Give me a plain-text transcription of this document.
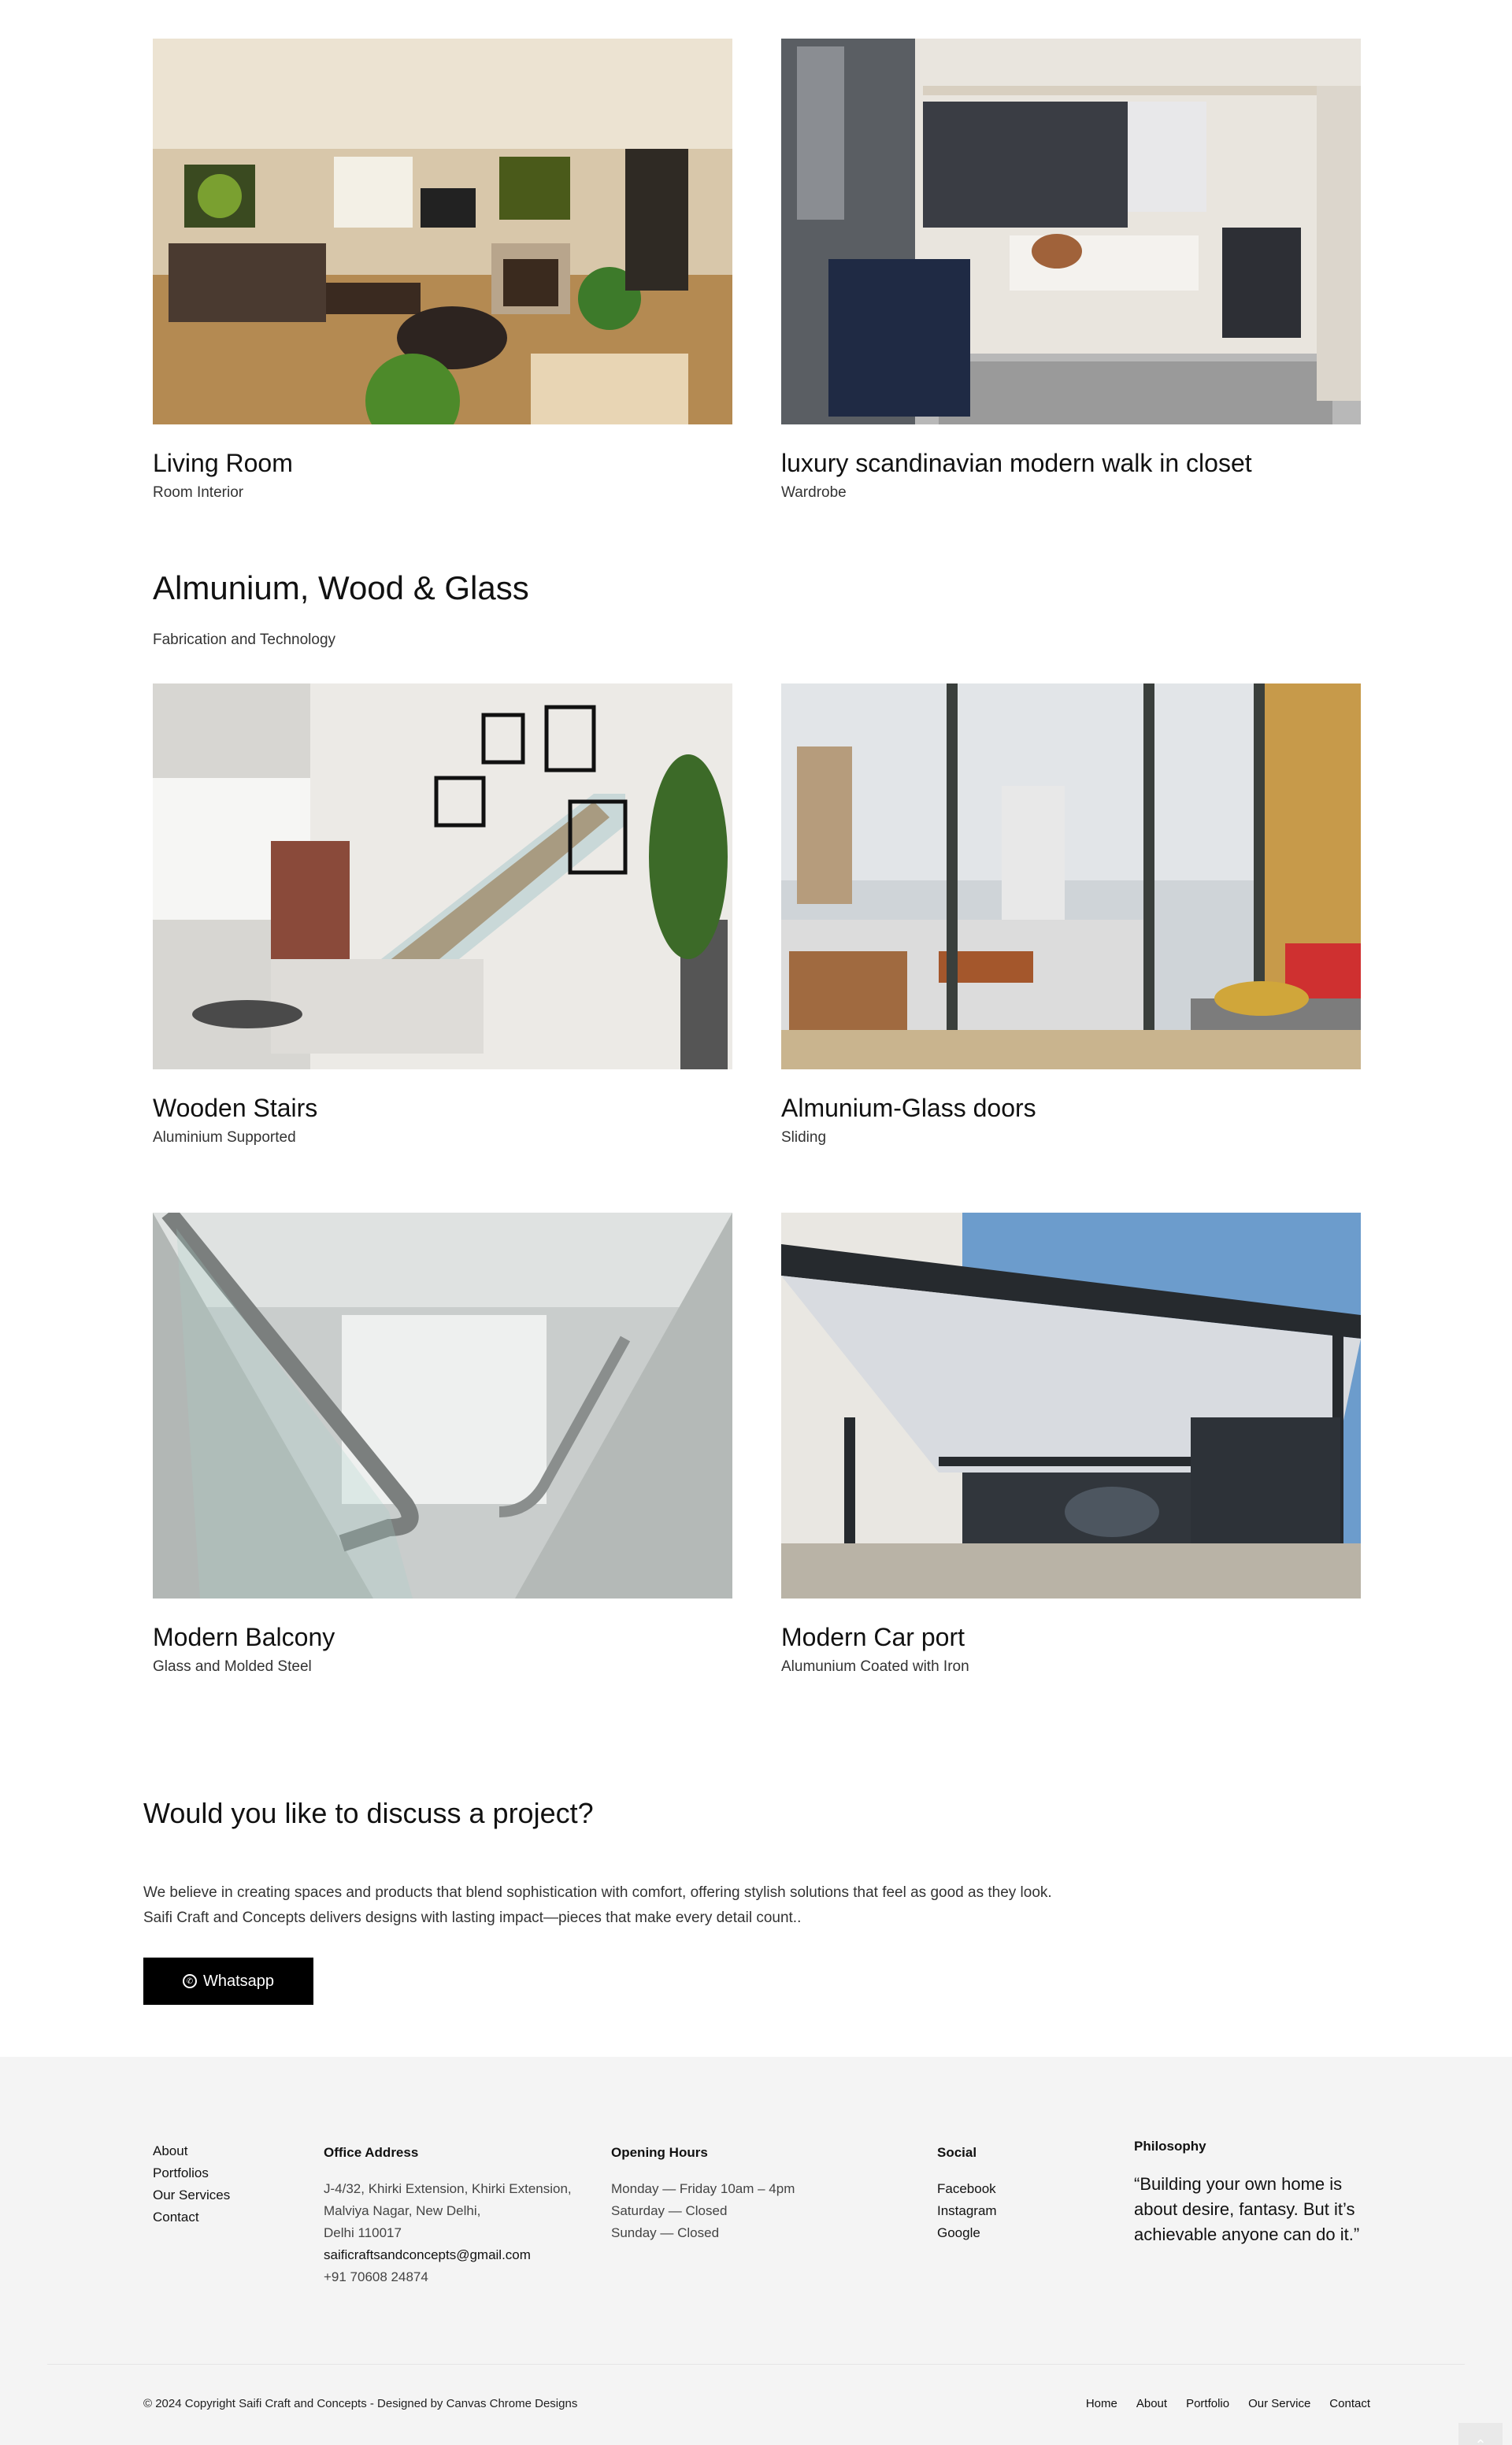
Living Room

Room Interior

luxury scandinavian modern walk in closet

Wardrobe

Almunium, Wood & Glass

Fabrication and Technology

Wooden Stairs

Aluminium Supported

Almunium-Glass doors

Sliding

Modern Balcony

Glass and Molded Steel

Modern Car port

Alumunium Coated with Iron

Would you like to discuss a project?

We believe in creating spaces and products that blend sophistication with comfort, offering stylish solutions that feel as good as they look. Saifi Craft and Concepts delivers designs with lasting impact—pieces that make every detail count..

✆ Whatsapp
About
Portfolios
Our Services
Contact
Office Address
J-4/32, Khirki Extension, Khirki Extension,
Malviya Nagar, New Delhi,
Delhi 110017
saificraftsandconcepts@gmail.com
+91 70608 24874
Opening Hours
Monday — Friday 10am – 4pm
Saturday — Closed
Sunday — Closed
Social
Facebook
Instagram
Google
Philosophy
“Building your own home is about desire, fantasy. But it’s achievable anyone can do it.”
© 2024 Copyright Saifi Craft and Concepts - Designed by Canvas Chrome Designs	Home About Portfolio Our Service Contact
⌃
